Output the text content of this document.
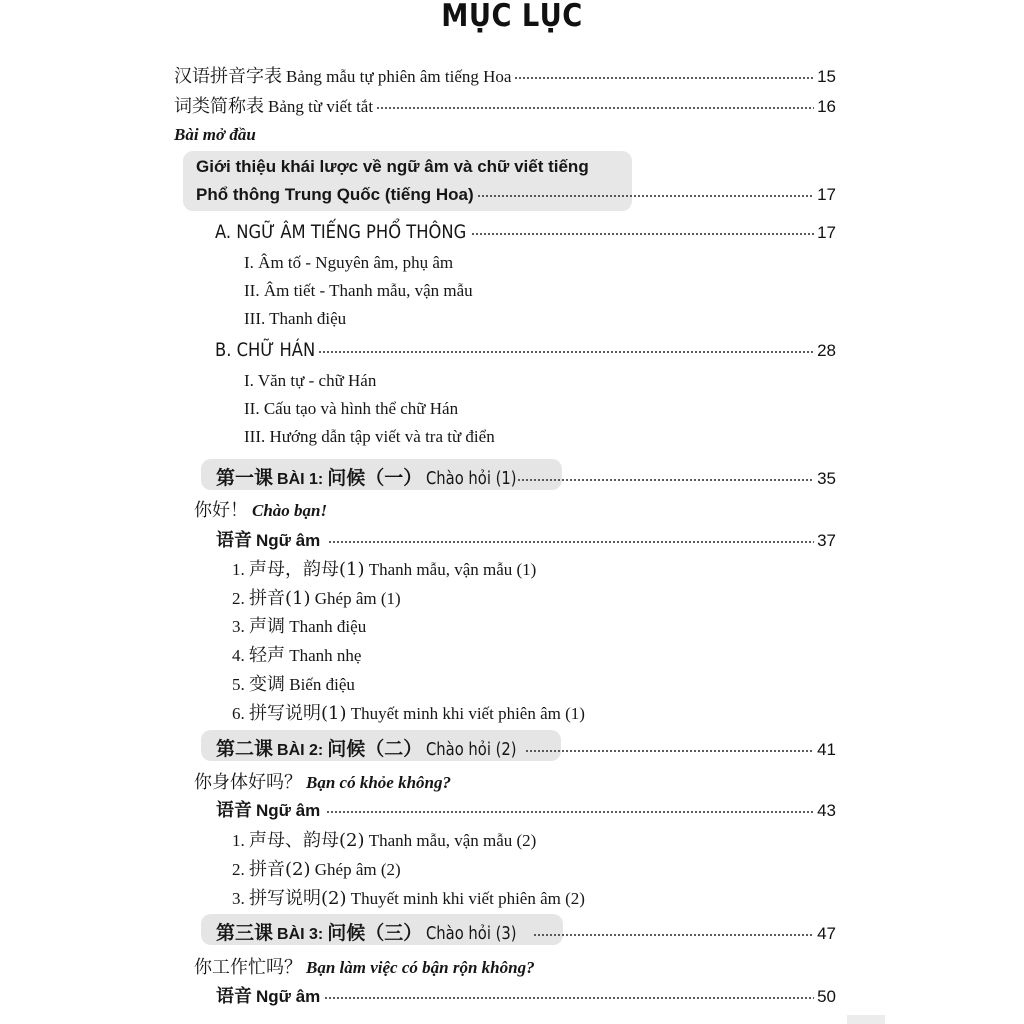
MỤC LỤC
汉语拼音字表 Bảng mẫu tự phiên âm tiếng Hoa	15
词类简称表 Bảng từ viết tắt	16
Bài mở đầu
Giới thiệu khái lược về ngữ âm và chữ viết tiếng
Phổ thông Trung Quốc (tiếng Hoa)	17
A. NGỮ ÂM TIẾNG PHỔ THÔNG	17
I. Âm tố - Nguyên âm, phụ âm
II. Âm tiết - Thanh mẫu, vận mẫu
III. Thanh điệu
B. CHỮ HÁN	28
I. Văn tự - chữ Hán
II. Cấu tạo và hình thể chữ Hán
III. Hướng dẫn tập viết và tra từ điển
第一课 BÀI 1: 问候（一） Chào hỏi (1)	35
你好！ Chào bạn!
语音 Ngữ âm	37
1.
声母，韵母(1)
Thanh mẫu, vận mẫu (1)
2.
拼音(1)
Ghép âm (1)
3.
声调
Thanh điệu
4.
轻声
Thanh nhẹ
5.
变调
Biến điệu
6.
拼写说明(1)
Thuyết minh khi viết phiên âm (1)
第二课 BÀI 2: 问候（二） Chào hỏi (2)	41
你身体好吗？ Bạn có khỏe không?
语音 Ngữ âm	43
1.
声母、韵母(2)
Thanh mẫu, vận mẫu (2)
2.
拼音(2)
Ghép âm (2)
3.
拼写说明(2)
Thuyết minh khi viết phiên âm (2)
第三课 BÀI 3: 问候（三） Chào hỏi (3)	47
你工作忙吗？ Bạn làm việc có bận rộn không?
语音 Ngữ âm	50
